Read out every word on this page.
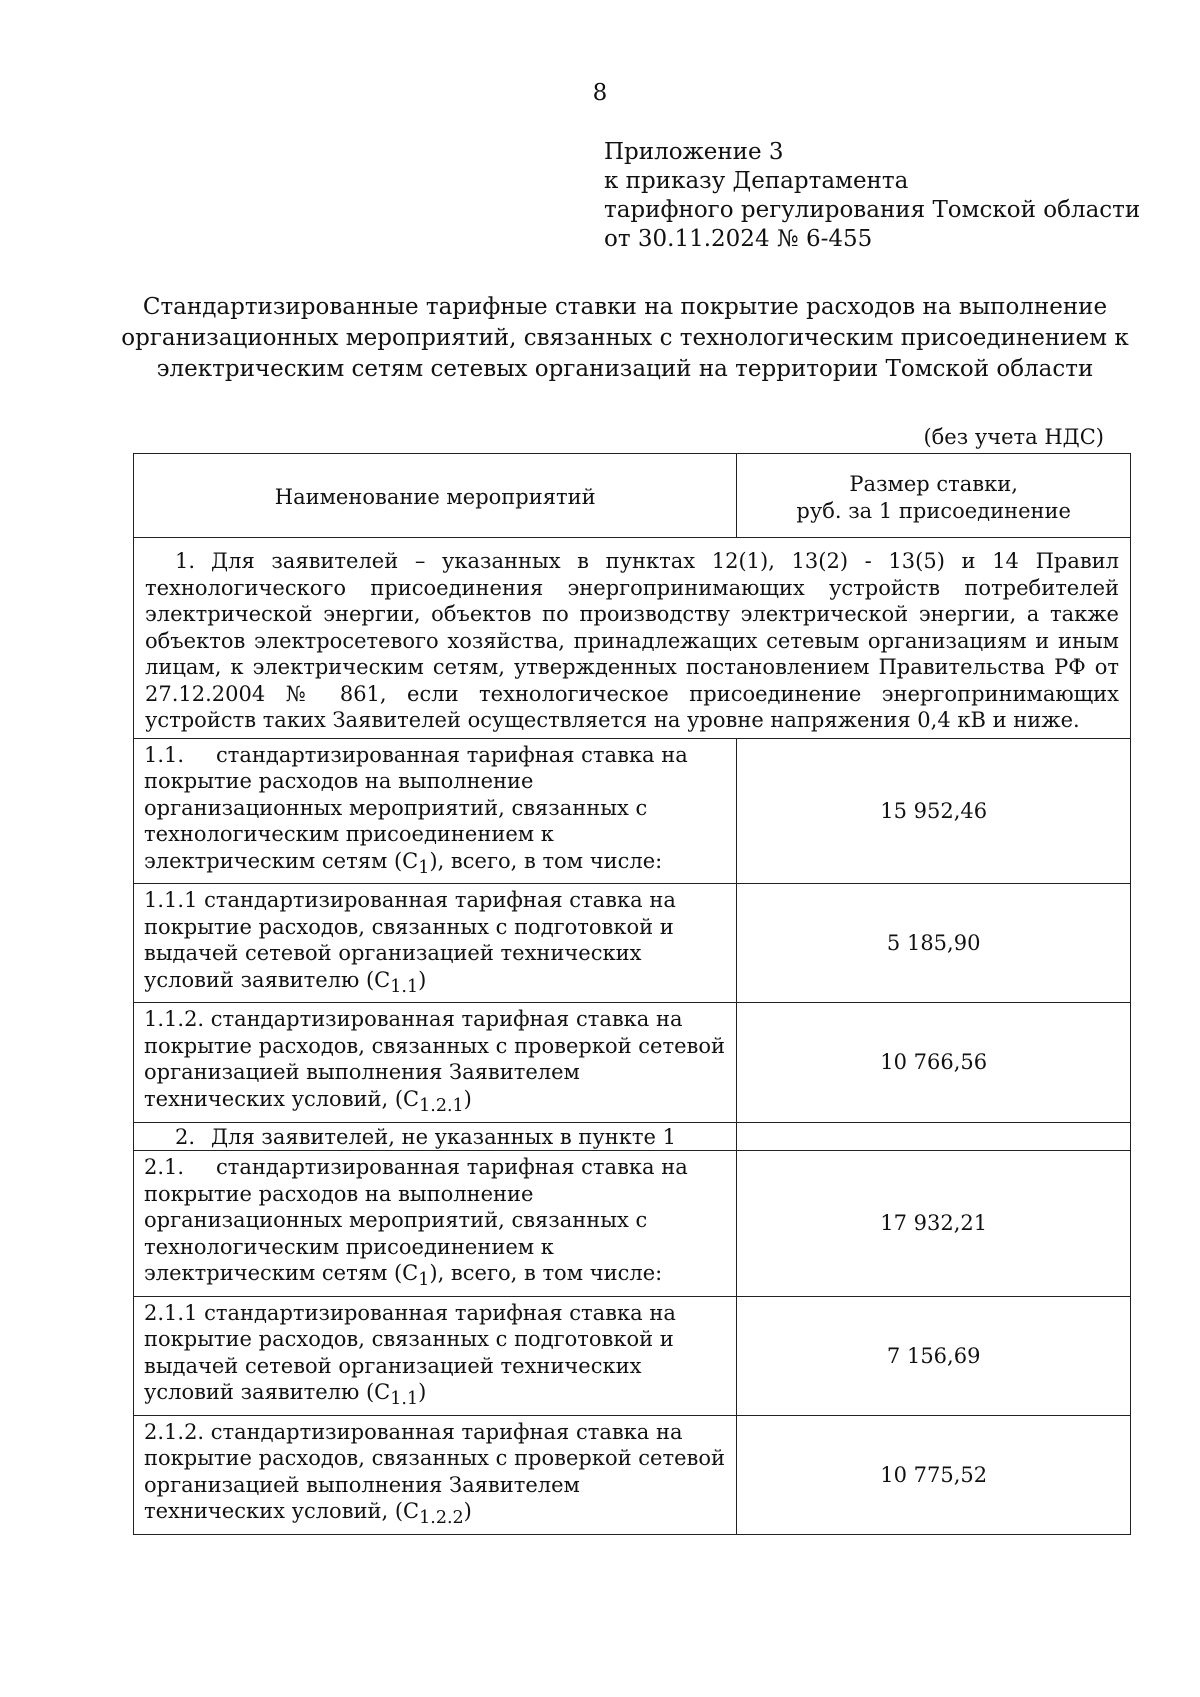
8
Приложение 3
к приказу Департамента
тарифного регулирования Томской области
от 30.11.2024 № 6-455
Стандартизированные тарифные ставки на покрытие расходов на выполнение
организационных мероприятий, связанных с технологическим присоединением к
электрическим сетям сетевых организаций на территории Томской области
(без учета НДС)
Наименование мероприятий	Размер ставки,
руб. за 1 присоединение

1. Для заявителей – указанных в пунктах 12(1), 13(2) - 13(5) и 14 Правил технологического присоединения энергопринимающих устройств потребителей электрической энергии, объектов по производству электрической энергии, а также объектов электросетевого хозяйства, принадлежащих сетевым организациям и иным лицам, к электрическим сетям, утвержденных постановлением Правительства РФ от 27.12.2004 № 861, если технологическое присоединение энергопринимающих устройств таких Заявителей осуществляется на уровне напряжения 0,4 кВ и ниже.	
1.1. стандартизированная тарифная ставка на покрытие расходов на выполнение организационных мероприятий, связанных с технологическим присоединением к электрическим сетям $(С_1)$, всего, в том числе:	15 952,46
1.1.1 стандартизированная тарифная ставка на покрытие расходов, связанных с подготовкой и выдачей сетевой организацией технических условий заявителю $(С_{1.1})$	5 185,90
1.1.2. стандартизированная тарифная ставка на покрытие расходов, связанных с проверкой сетевой организацией выполнения Заявителем технических условий, $(С_{1.2.1})$	10 766,56
2. Для заявителей, не указанных в пункте 1	
2.1. стандартизированная тарифная ставка на покрытие расходов на выполнение организационных мероприятий, связанных с технологическим присоединением к электрическим сетям $(С_1)$, всего, в том числе:	17 932,21
2.1.1 стандартизированная тарифная ставка на покрытие расходов, связанных с подготовкой и выдачей сетевой организацией технических условий заявителю $(С_{1.1})$	7 156,69
2.1.2. стандартизированная тарифная ставка на покрытие расходов, связанных с проверкой сетевой организацией выполнения Заявителем технических условий, $(С_{1.2.2})$	10 775,52
